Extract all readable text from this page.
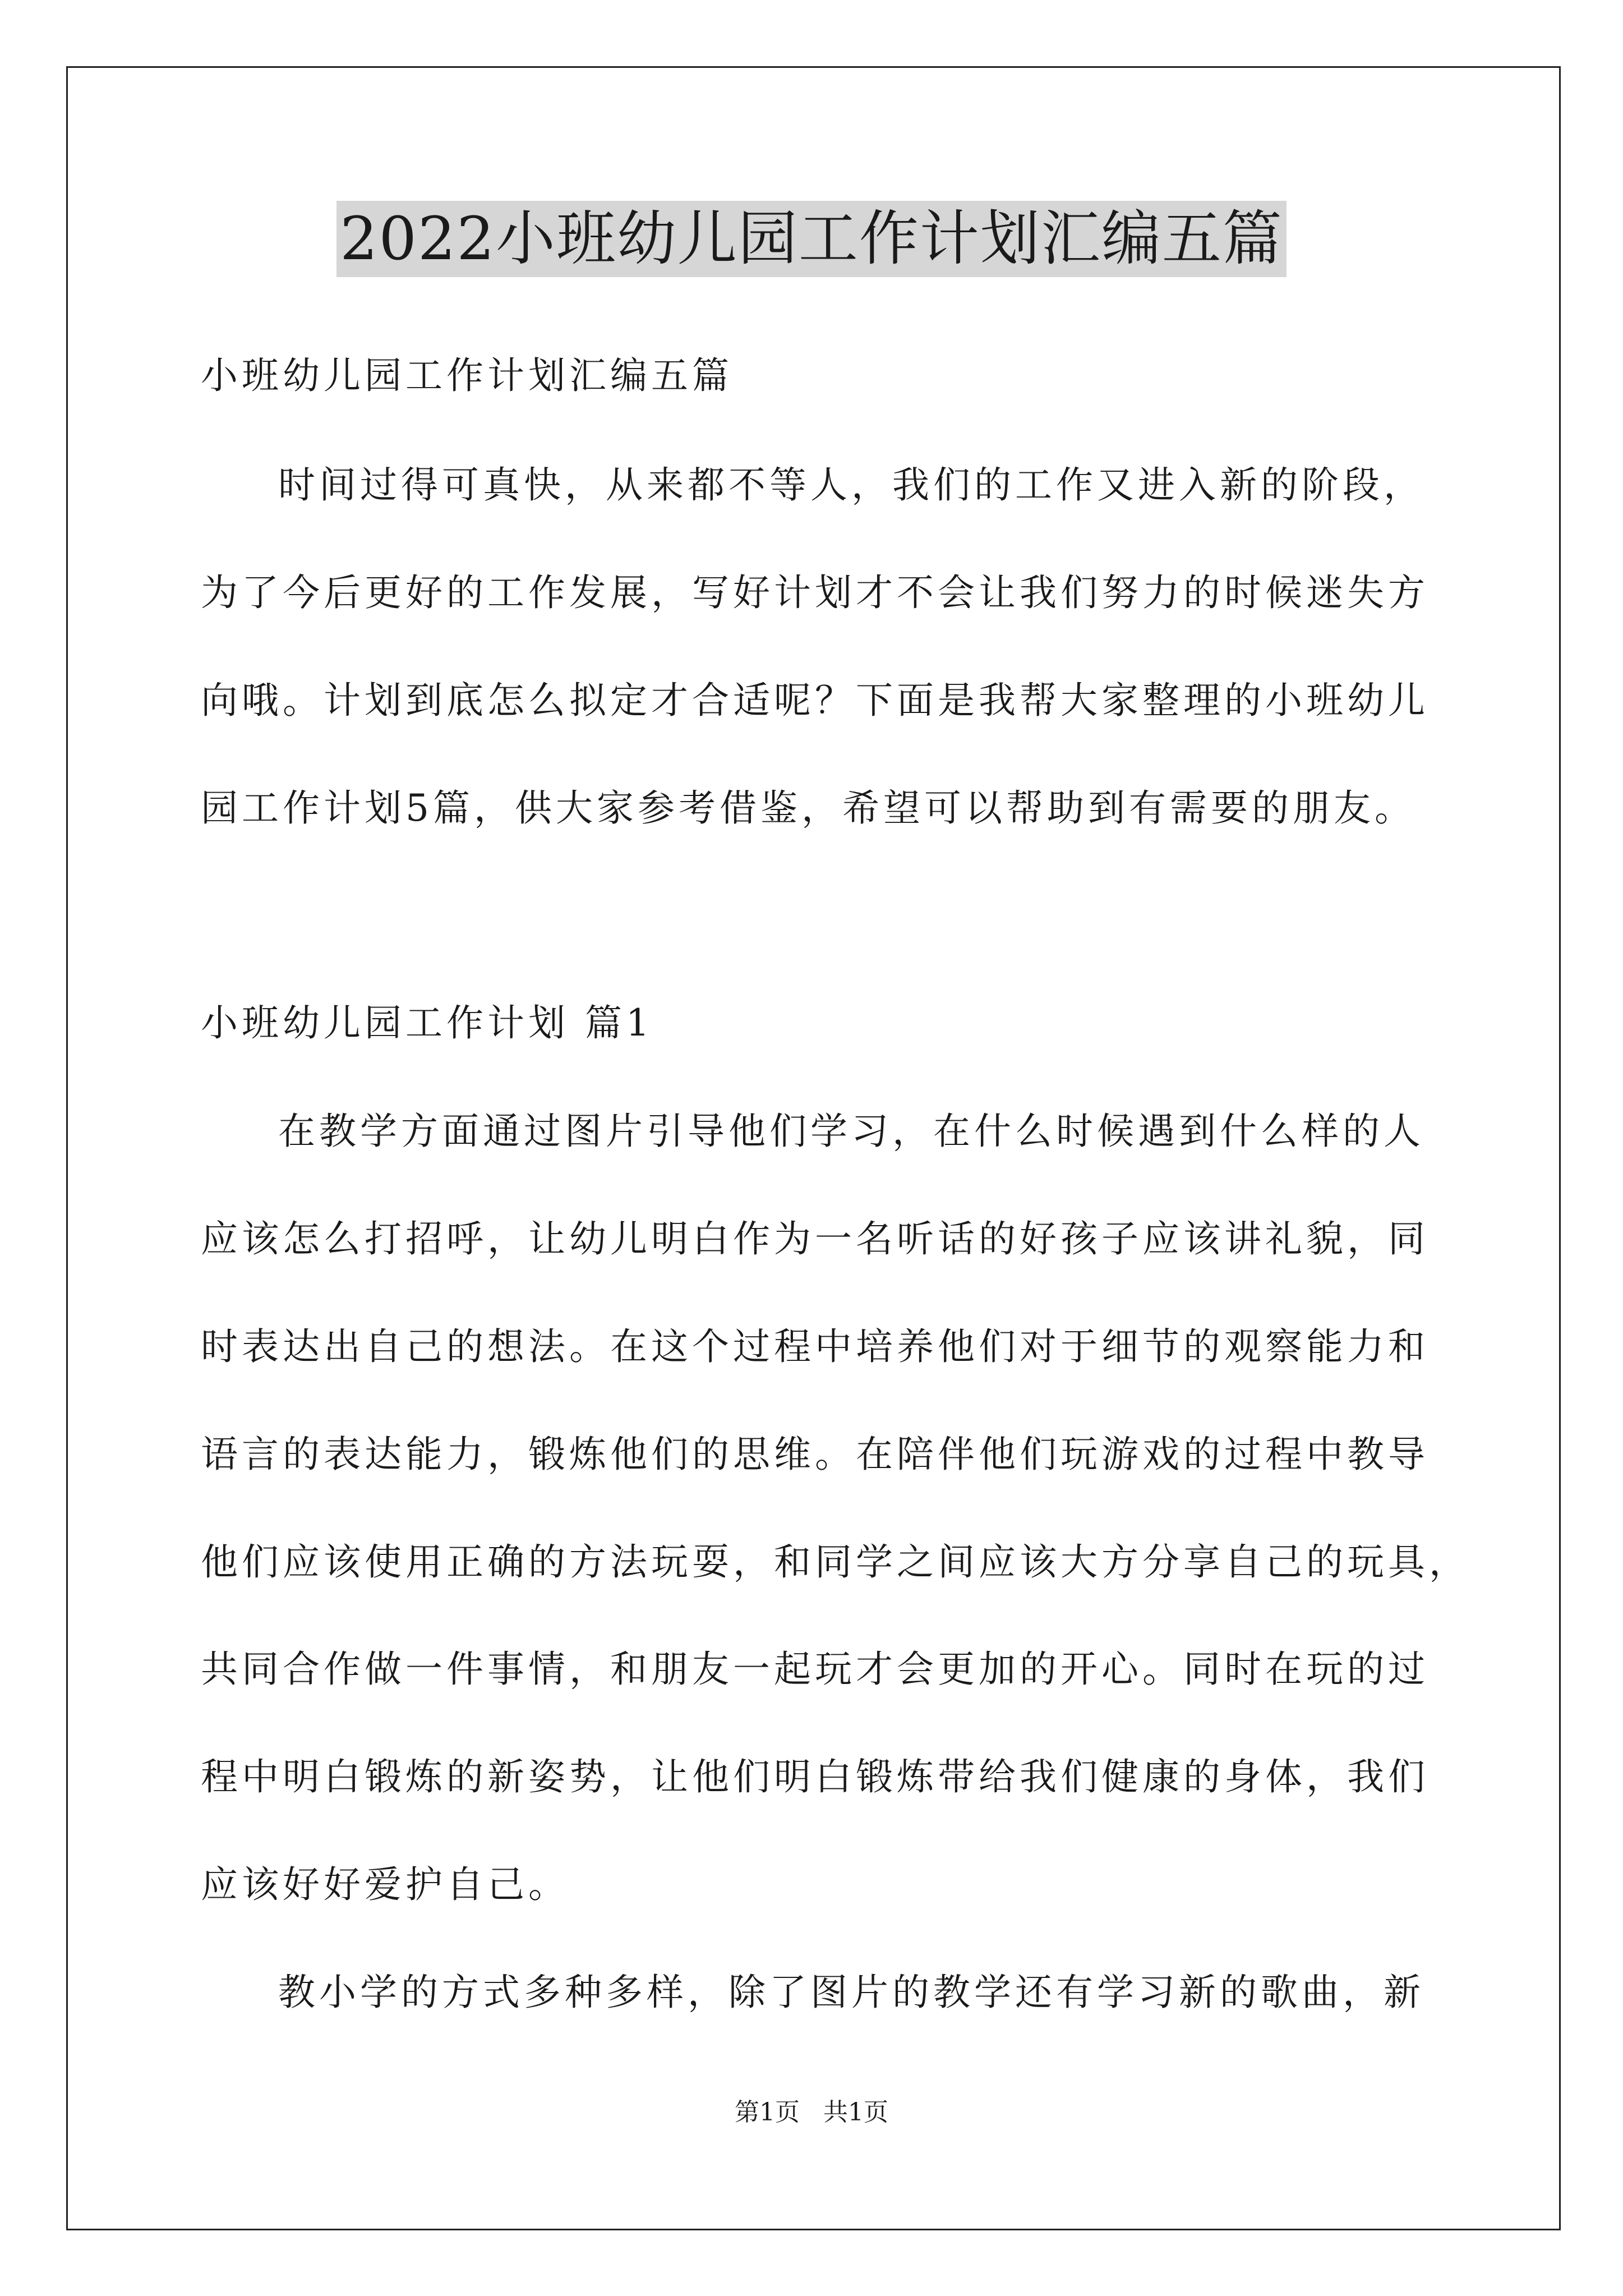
2022小班幼儿园工作计划汇编五篇
小班幼儿园工作计划汇编五篇
时间过得可真快，从来都不等人，我们的工作又进入新的阶段，
为了今后更好的工作发展，写好计划才不会让我们努力的时候迷失方
向哦。计划到底怎么拟定才合适呢？下面是我帮大家整理的小班幼儿
园工作计划5篇，供大家参考借鉴，希望可以帮助到有需要的朋友。
小班幼儿园工作计划 篇1
在教学方面通过图片引导他们学习，在什么时候遇到什么样的人
应该怎么打招呼，让幼儿明白作为一名听话的好孩子应该讲礼貌，同
时表达出自己的想法。在这个过程中培养他们对于细节的观察能力和
语言的表达能力，锻炼他们的思维。在陪伴他们玩游戏的过程中教导
他们应该使用正确的方法玩耍，和同学之间应该大方分享自己的玩具，
共同合作做一件事情，和朋友一起玩才会更加的开心。同时在玩的过
程中明白锻炼的新姿势，让他们明白锻炼带给我们健康的身体，我们
应该好好爱护自己。
教小学的方式多种多样，除了图片的教学还有学习新的歌曲，新
第1页   共1页
